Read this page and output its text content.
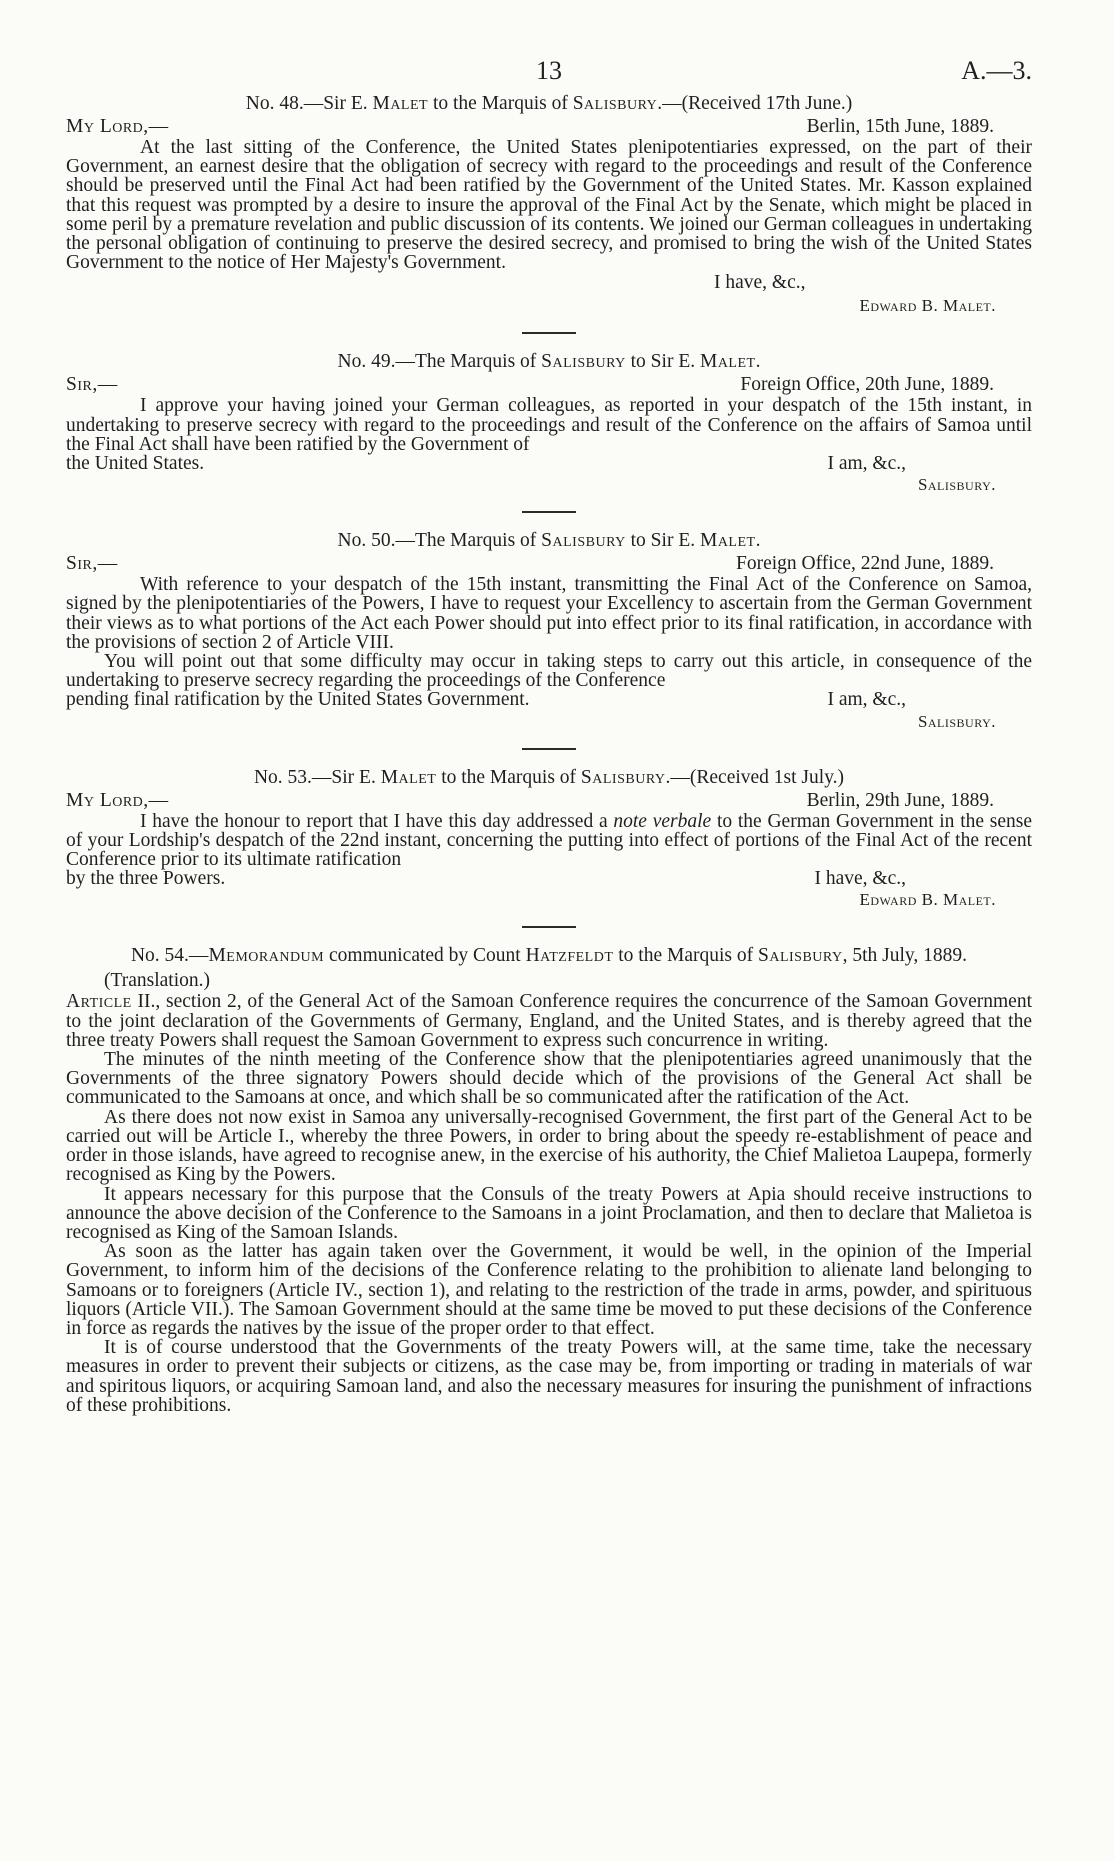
13	A.—3.
No. 48.—Sir E. Malet to the Marquis of Salisbury.—(Received 17th June.)
My Lord,—	Berlin, 15th June, 1889.

At the last sitting of the Conference, the United States plenipotentiaries expressed, on the part of their Government, an earnest desire that the obligation of secrecy with regard to the proceedings and result of the Conference should be preserved until the Final Act had been ratified by the Government of the United States. Mr. Kasson explained that this request was prompted by a desire to insure the approval of the Final Act by the Senate, which might be placed in some peril by a premature revelation and public discussion of its contents. We joined our German colleagues in undertaking the personal obligation of continuing to preserve the desired secrecy, and promised to bring the wish of the United States Government to the notice of Her Majesty's Government.

I have, &c.,
Edward B. Malet.
No. 49.—The Marquis of Salisbury to Sir E. Malet.
Sir,—	Foreign Office, 20th June, 1889.

I approve your having joined your German colleagues, as reported in your despatch of the 15th instant, in undertaking to preserve secrecy with regard to the proceedings and result of the Conference on the affairs of Samoa until the Final Act shall have been ratified by the Government of

the United States.	I am, &c.,
Salisbury.
No. 50.—The Marquis of Salisbury to Sir E. Malet.
Sir,—	Foreign Office, 22nd June, 1889.

With reference to your despatch of the 15th instant, transmitting the Final Act of the Conference on Samoa, signed by the plenipotentiaries of the Powers, I have to request your Excellency to ascertain from the German Government their views as to what portions of the Act each Power should put into effect prior to its final ratification, in accordance with the provisions of section 2 of Article VIII.

You will point out that some difficulty may occur in taking steps to carry out this article, in consequence of the undertaking to preserve secrecy regarding the proceedings of the Conference

pending final ratification by the United States Government.	I am, &c.,
Salisbury.
No. 53.—Sir E. Malet to the Marquis of Salisbury.—(Received 1st July.)
My Lord,—	Berlin, 29th June, 1889.

I have the honour to report that I have this day addressed a note verbale to the German Government in the sense of your Lordship's despatch of the 22nd instant, concerning the putting into effect of portions of the Final Act of the recent Conference prior to its ultimate ratification

by the three Powers.	I have, &c.,
Edward B. Malet.
No. 54.—Memorandum communicated by Count Hatzfeldt to the Marquis of Salisbury, 5th July, 1889.
(Translation.)

Article II., section 2, of the General Act of the Samoan Conference requires the concurrence of the Samoan Government to the joint declaration of the Governments of Germany, England, and the United States, and is thereby agreed that the three treaty Powers shall request the Samoan Government to express such concurrence in writing.

The minutes of the ninth meeting of the Conference show that the plenipotentiaries agreed unanimously that the Governments of the three signatory Powers should decide which of the provisions of the General Act shall be communicated to the Samoans at once, and which shall be so communicated after the ratification of the Act.

As there does not now exist in Samoa any universally-recognised Government, the first part of the General Act to be carried out will be Article I., whereby the three Powers, in order to bring about the speedy re-establishment of peace and order in those islands, have agreed to recognise anew, in the exercise of his authority, the Chief Malietoa Laupepa, formerly recognised as King by the Powers.

It appears necessary for this purpose that the Consuls of the treaty Powers at Apia should receive instructions to announce the above decision of the Conference to the Samoans in a joint Proclamation, and then to declare that Malietoa is recognised as King of the Samoan Islands.

As soon as the latter has again taken over the Government, it would be well, in the opinion of the Imperial Government, to inform him of the decisions of the Conference relating to the prohibition to alienate land belonging to Samoans or to foreigners (Article IV., section 1), and relating to the restriction of the trade in arms, powder, and spirituous liquors (Article VII.). The Samoan Government should at the same time be moved to put these decisions of the Conference in force as regards the natives by the issue of the proper order to that effect.

It is of course understood that the Governments of the treaty Powers will, at the same time, take the necessary measures in order to prevent their subjects or citizens, as the case may be, from importing or trading in materials of war and spiritous liquors, or acquiring Samoan land, and also the necessary measures for insuring the punishment of infractions of these prohibitions.
